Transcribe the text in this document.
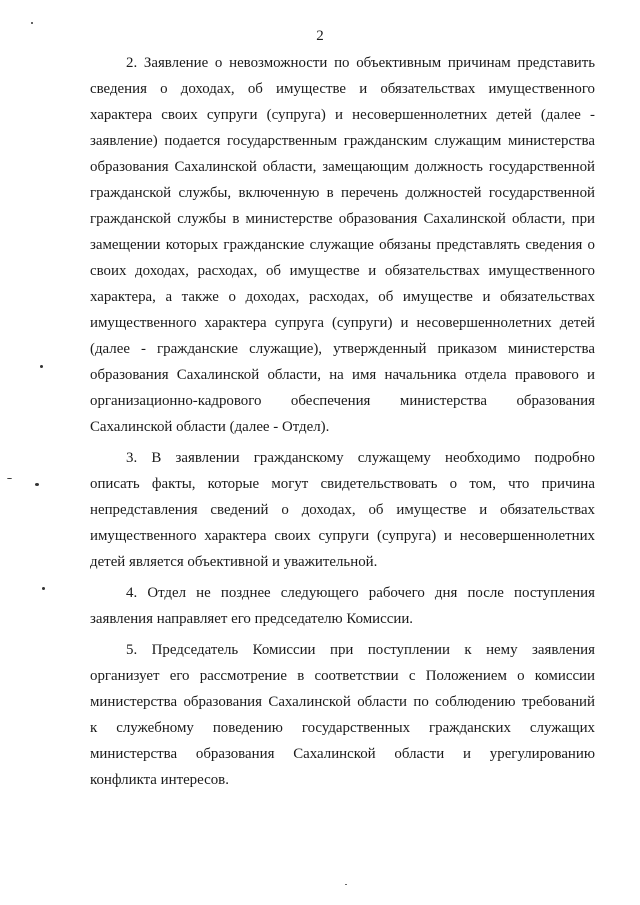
2
2. Заявление о невозможности по объективным причинам представить
сведения о доходах, об имуществе и обязательствах имущественного
характера своих супруги (супруга) и несовершеннолетних детей (далее -
заявление) подается государственным гражданским служащим министерства
образования Сахалинской области, замещающим должность государственной
гражданской службы, включенную в перечень должностей государственной
гражданской службы в министерстве образования Сахалинской области, при
замещении которых гражданские служащие обязаны представлять сведения о
своих доходах, расходах, об имуществе и обязательствах имущественного
характера, а также о доходах, расходах, об имуществе и обязательствах
имущественного характера супруга (супруги) и несовершеннолетних детей
(далее - гражданские служащие), утвержденный приказом министерства
образования Сахалинской области, на имя начальника отдела правового и
организационно-кадрового обеспечения министерства образования
Сахалинской области (далее - Отдел).
3. В заявлении гражданскому служащему необходимо подробно
описать факты, которые могут свидетельствовать о том, что причина
непредставления сведений о доходах, об имуществе и обязательствах
имущественного характера своих супруги (супруга) и несовершеннолетних
детей является объективной и уважительной.
4. Отдел не позднее следующего рабочего дня после поступления
заявления направляет его председателю Комиссии.
5. Председатель Комиссии при поступлении к нему заявления
организует его рассмотрение в соответствии с Положением о комиссии
министерства образования Сахалинской области по соблюдению требований
к служебному поведению государственных гражданских служащих
министерства образования Сахалинской области и урегулированию
конфликта интересов.
